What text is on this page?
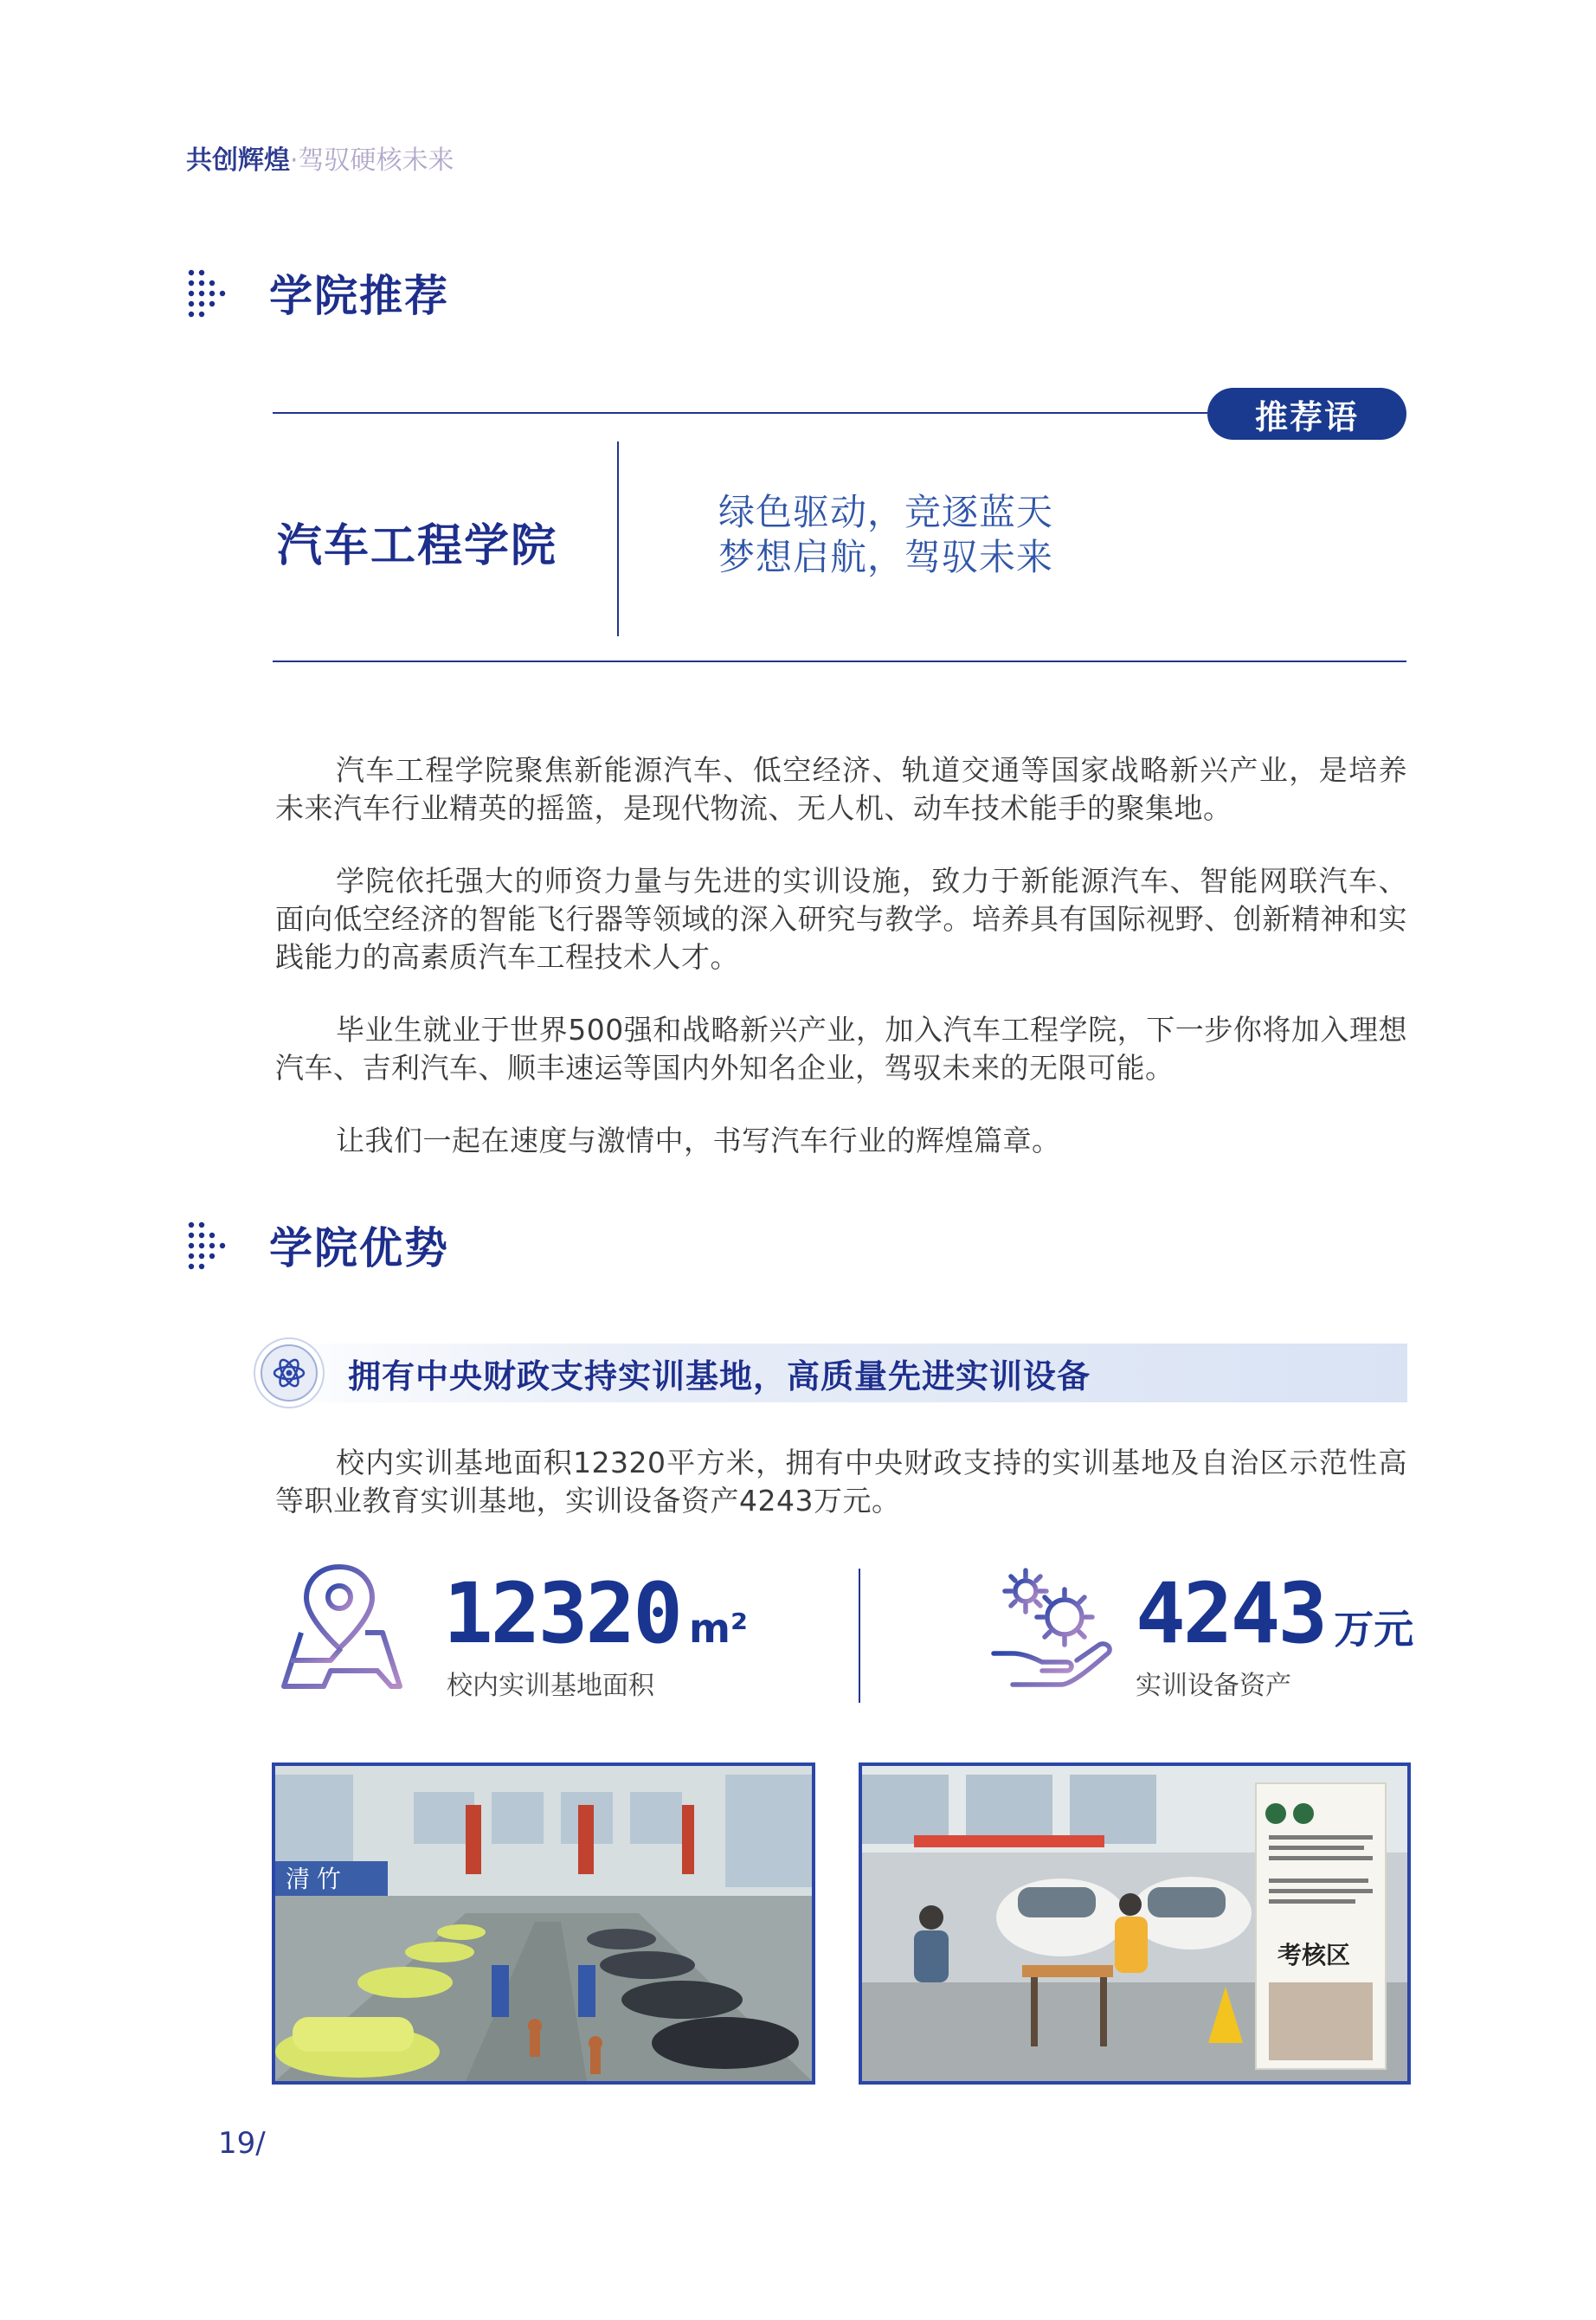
共创辉煌·驾驭硬核未来
学院推荐
推荐语
汽车工程学院
绿色驱动，竞逐蓝天
梦想启航，驾驭未来

汽车工程学院聚焦新能源汽车、低空经济、轨道交通等国家战略新兴产业，是培养未来汽车行业精英的摇篮，是现代物流、无人机、动车技术能手的聚集地。

学院依托强大的师资力量与先进的实训设施，致力于新能源汽车、智能网联汽车、面向低空经济的智能飞行器等领域的深入研究与教学。培养具有国际视野、创新精神和实践能力的高素质汽车工程技术人才。

毕业生就业于世界500强和战略新兴产业，加入汽车工程学院，下一步你将加入理想汽车、吉利汽车、顺丰速运等国内外知名企业，驾驭未来的无限可能。

让我们一起在速度与激情中，书写汽车行业的辉煌篇章。

学院优势
拥有中央财政支持实训基地，高质量先进实训设备

校内实训基地面积12320平方米，拥有中央财政支持的实训基地及自治区示范性高等职业教育实训基地，实训设备资产4243万元。

12320 m²
校内实训基地面积
4243 万元
实训设备资产
清 竹
考核区
19/
